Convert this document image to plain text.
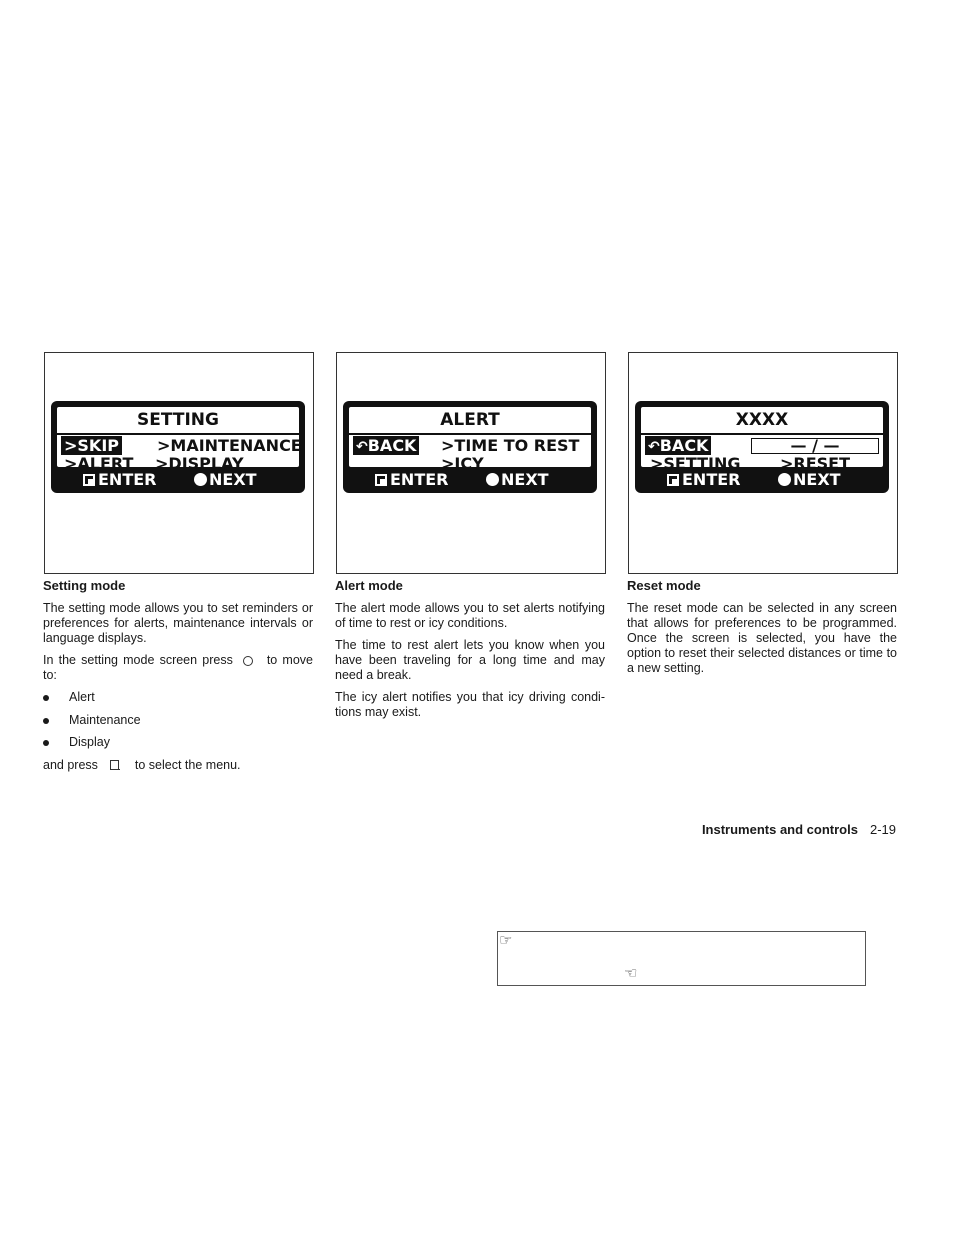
SETTING
>SKIP >MAINTENANCE
>ALERT >DISPLAY
ENTER	NEXT
ALERT
↶BACK >TIME TO REST
>ICY
ENTER	NEXT
XXXX
↶BACK	— / —
>SETTING >RESET
ENTER	NEXT
Setting mode
The setting mode allows you to set reminders or preferences for alerts, maintenance intervals or language displays.
In the setting mode screen press	to move to:
Alert
Maintenance
Display
and press	to select the menu.
Alert mode
The alert mode allows you to set alerts notifying of time to rest or icy conditions.
The time to rest alert lets you know when you have been traveling for a long time and may need a break.
The icy alert notifies you that icy driving condi-tions may exist.
Reset mode
The reset mode can be selected in any screen that allows for preferences to be programmed. Once the screen is selected, you have the option to reset their selected distances or time to a new setting.
Instruments and controls 2-19
☞
☜
